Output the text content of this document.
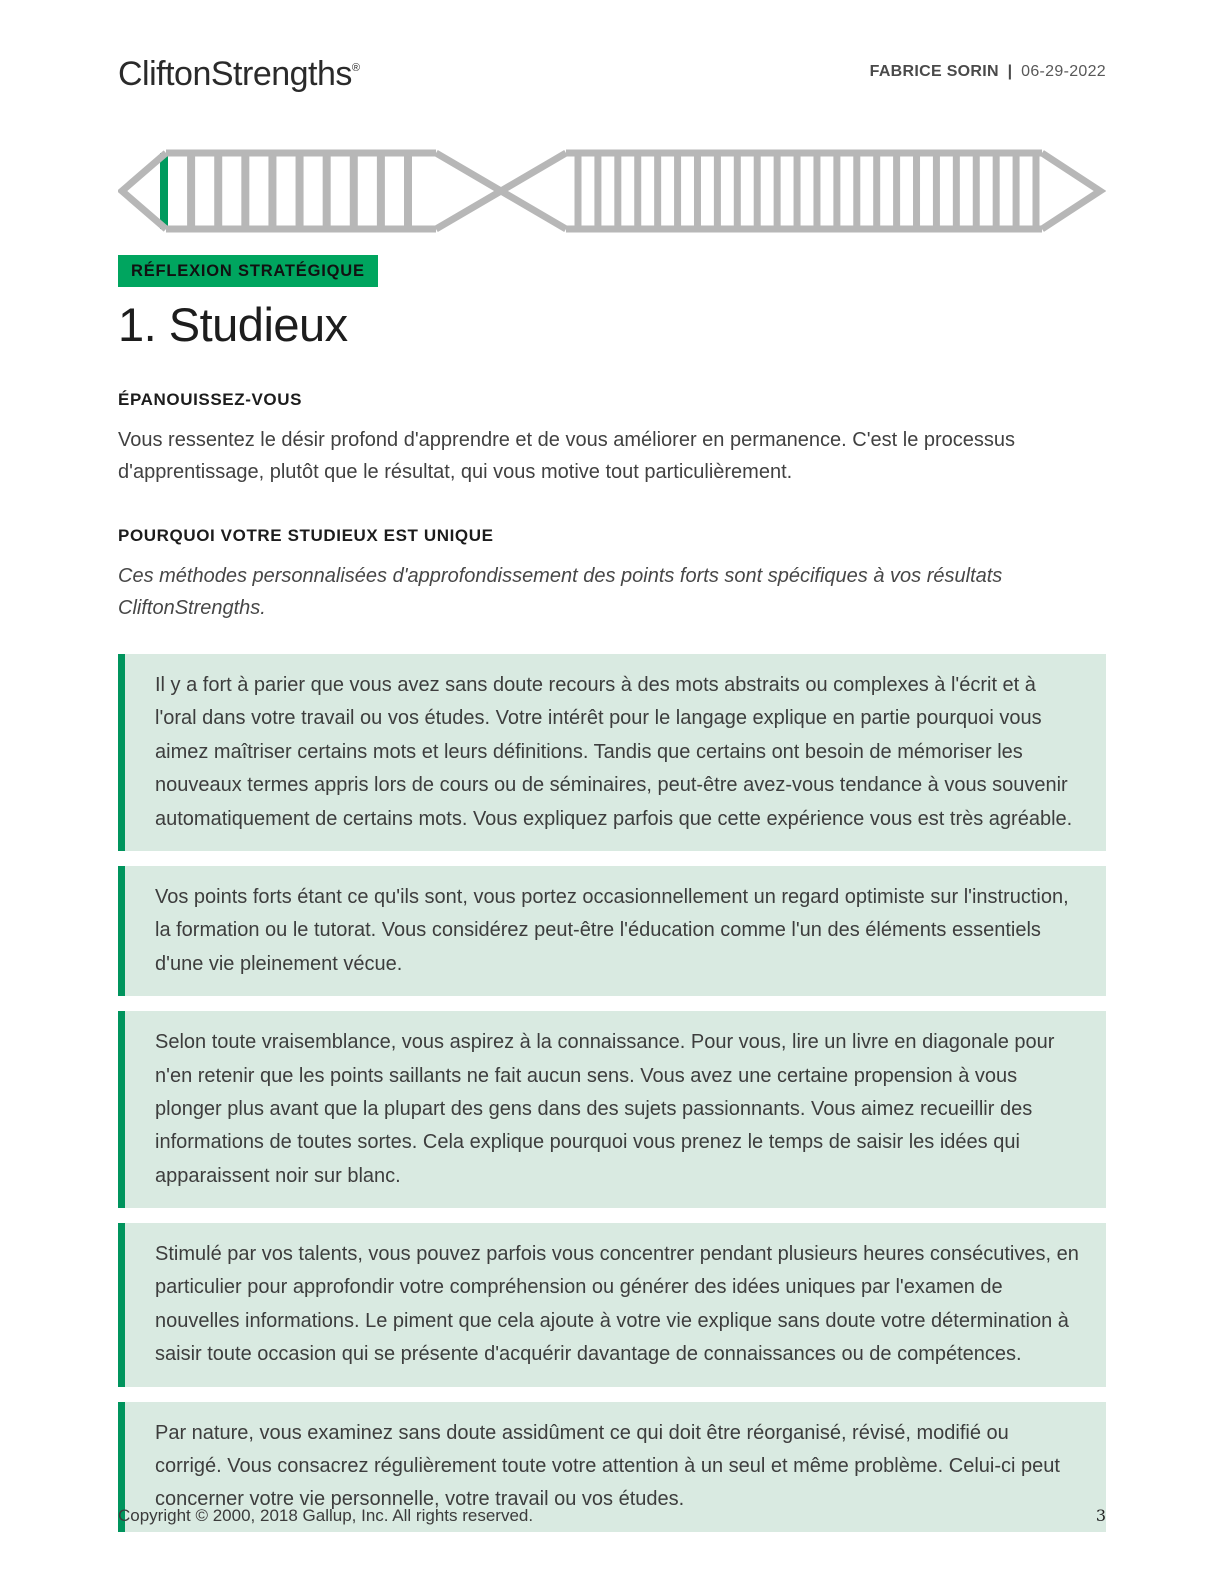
CliftonStrengths®	FABRICE SORIN | 06-29-2022
RÉFLEXION STRATÉGIQUE
1. Studieux
ÉPANOUISSEZ-VOUS

Vous ressentez le désir profond d'apprendre et de vous améliorer en permanence. C'est le processus d'apprentissage, plutôt que le résultat, qui vous motive tout particulièrement.

POURQUOI VOTRE STUDIEUX EST UNIQUE

Ces méthodes personnalisées d'approfondissement des points forts sont spécifiques à vos résultats CliftonStrengths.

Il y a fort à parier que vous avez sans doute recours à des mots abstraits ou complexes à l'écrit et à l'oral dans votre travail ou vos études. Votre intérêt pour le langage explique en partie pourquoi vous aimez maîtriser certains mots et leurs définitions. Tandis que certains ont besoin de mémoriser les nouveaux termes appris lors de cours ou de séminaires, peut-être avez-vous tendance à vous souvenir automatiquement de certains mots. Vous expliquez parfois que cette expérience vous est très agréable.
Vos points forts étant ce qu'ils sont, vous portez occasionnellement un regard optimiste sur l'instruction, la formation ou le tutorat. Vous considérez peut-être l'éducation comme l'un des éléments essentiels d'une vie pleinement vécue.
Selon toute vraisemblance, vous aspirez à la connaissance. Pour vous, lire un livre en diagonale pour n'en retenir que les points saillants ne fait aucun sens. Vous avez une certaine propension à vous plonger plus avant que la plupart des gens dans des sujets passionnants. Vous aimez recueillir des informations de toutes sortes. Cela explique pourquoi vous prenez le temps de saisir les idées qui apparaissent noir sur blanc.
Stimulé par vos talents, vous pouvez parfois vous concentrer pendant plusieurs heures consécutives, en particulier pour approfondir votre compréhension ou générer des idées uniques par l'examen de nouvelles informations. Le piment que cela ajoute à votre vie explique sans doute votre détermination à saisir toute occasion qui se présente d'acquérir davantage de connaissances ou de compétences.
Par nature, vous examinez sans doute assidûment ce qui doit être réorganisé, révisé, modifié ou corrigé. Vous consacrez régulièrement toute votre attention à un seul et même problème. Celui-ci peut concerner votre vie personnelle, votre travail ou vos études.
Copyright © 2000, 2018 Gallup, Inc. All rights reserved.	3
